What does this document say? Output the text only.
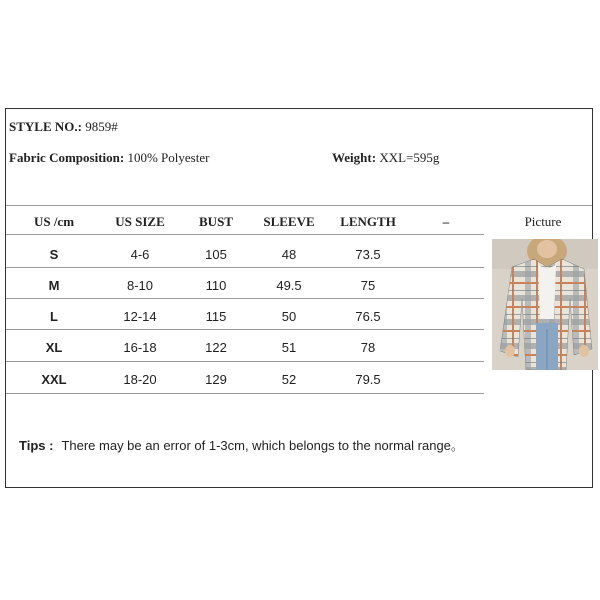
STYLE NO.: 9859#
Fabric Composition: 100% Polyester	Weight: XXL=595g
US /cm	US SIZE	BUST	SLEEVE	LENGTH	–	Picture
S	4-6	105	48	73.5
M	8-10	110	49.5	75
L	12-14	115	50	76.5
XL	16-18	122	51	78
XXL	18-20	129	52	79.5
Tips : There may be an error of 1-3cm, which belongs to the normal range。
